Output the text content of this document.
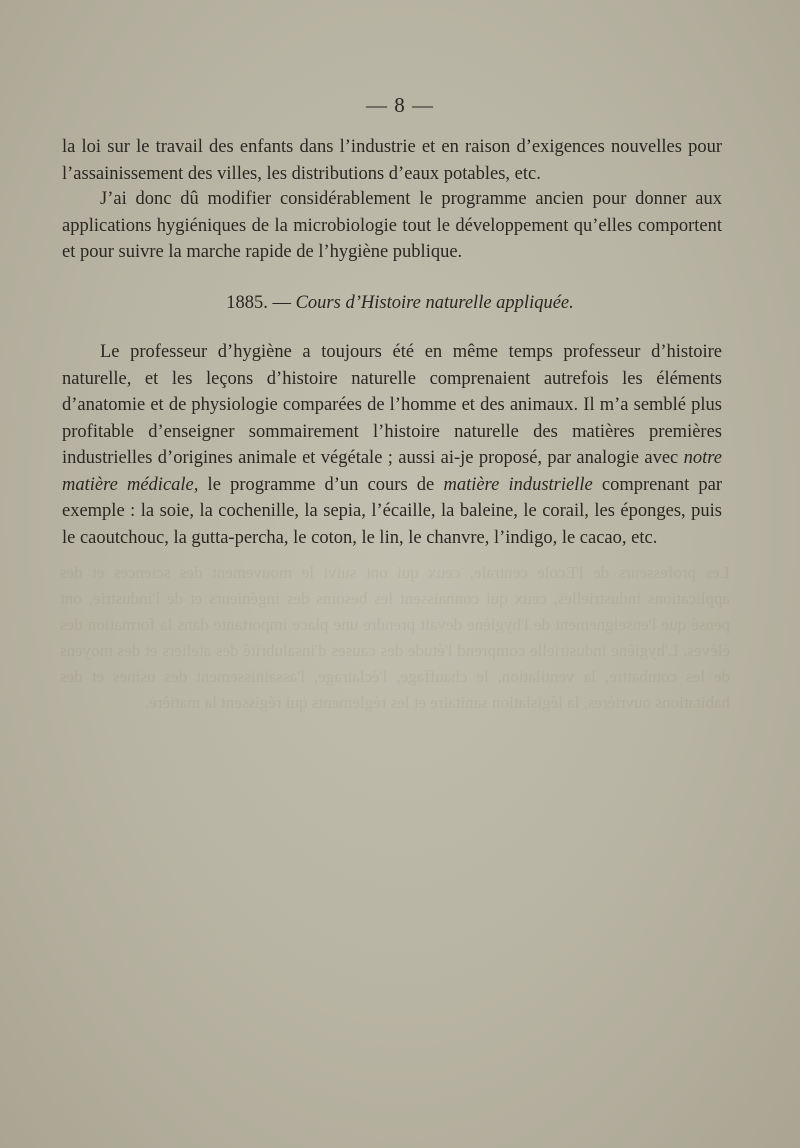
Les professeurs de l'Ecole centrale, ceux qui ont suivi le mouvement des sciences et des applications industrielles, ceux qui connaissent les besoins des ingénieurs et de l'industrie, ont pensé que l'enseignement de l'hygiène devait prendre une place importante dans la formation des élèves. L'hygiène industrielle comprend l'étude des causes d'insalubrité des ateliers et des moyens de les combattre, la ventilation, le chauffage, l'éclairage, l'assainissement des usines et des habitations ouvrières, la législation sanitaire et les règlements qui régissent la matière.
— 8 —

la loi sur le travail des enfants dans l’industrie et en raison d’exigences nouvelles pour l’assainissement des villes, les distributions d’eaux potables, etc.

J’ai donc dû modifier considérablement le programme ancien pour donner aux applications hygiéniques de la microbiologie tout le développement qu’elles comportent et pour suivre la marche rapide de l’hygiène publique.

1885. — Cours d’Histoire naturelle appliquée.

Le professeur d’hygiène a toujours été en même temps professeur d’histoire naturelle, et les leçons d’histoire naturelle comprenaient autrefois les éléments d’anatomie et de physiologie comparées de l’homme et des animaux. Il m’a semblé plus profitable d’enseigner sommairement l’histoire naturelle des matières premières industrielles d’origines animale et végétale ; aussi ai-je proposé, par analogie avec notre matière médicale, le programme d’un cours de matière industrielle comprenant par exemple : la soie, la cochenille, la sepia, l’écaille, la baleine, le corail, les éponges, puis le caoutchouc, la gutta-percha, le coton, le lin, le chanvre, l’indigo, le cacao, etc.
